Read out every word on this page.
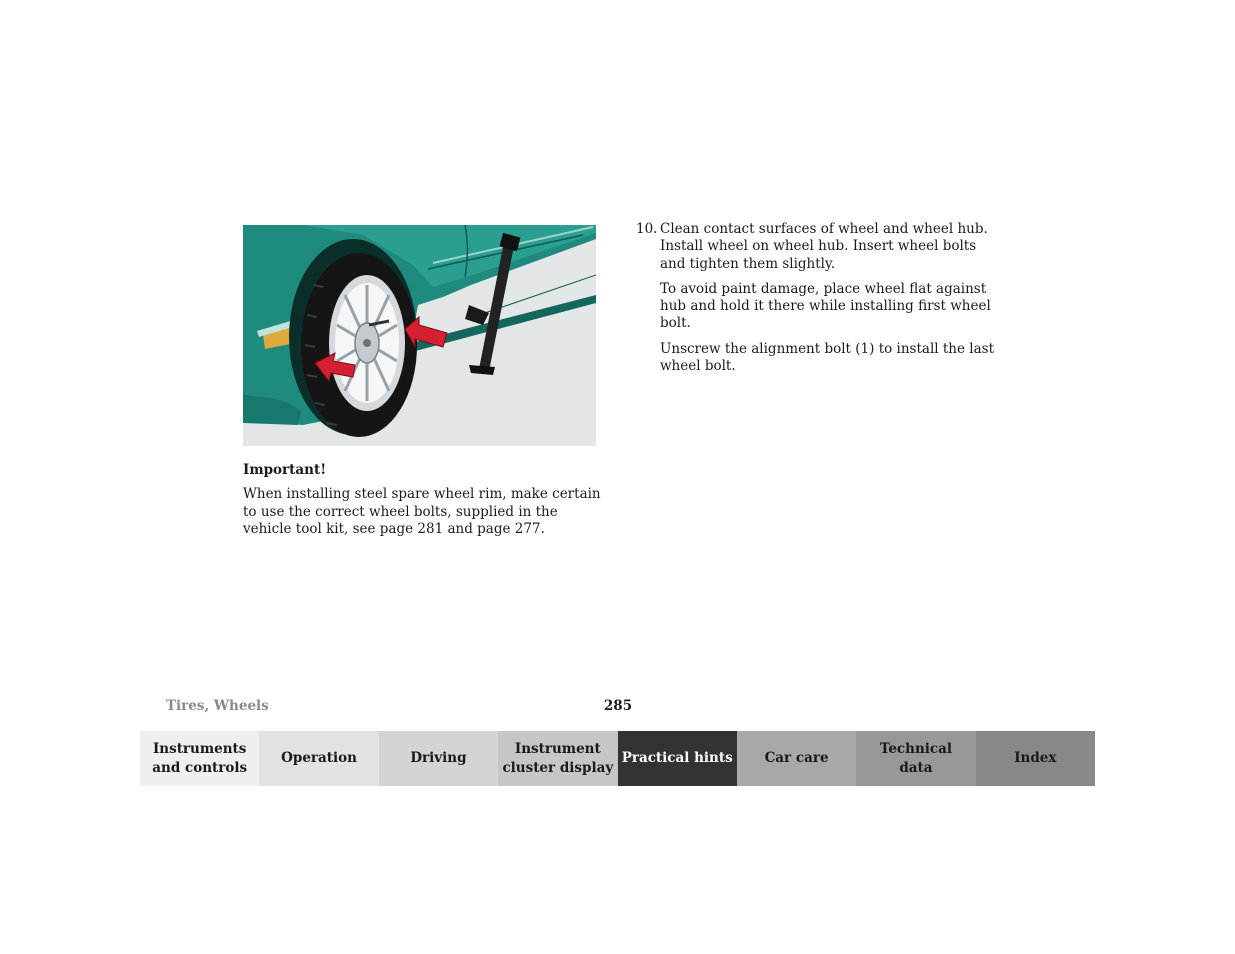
Important!
When installing steel spare wheel rim, make certain to use the correct wheel bolts, supplied in the vehicle tool kit, see page 281 and page 277.
10. Clean contact surfaces of wheel and wheel hub. Install wheel on wheel hub. Insert wheel bolts and tighten them slightly.

To avoid paint damage, place wheel flat against hub and hold it there while installing first wheel bolt.

Unscrew the alignment bolt (1) to install the last wheel bolt.

Tires, Wheels	285
Instruments
and controls
Operation	Driving
Instrument
cluster display
Practical hints	Car care
Technical
data
Index
